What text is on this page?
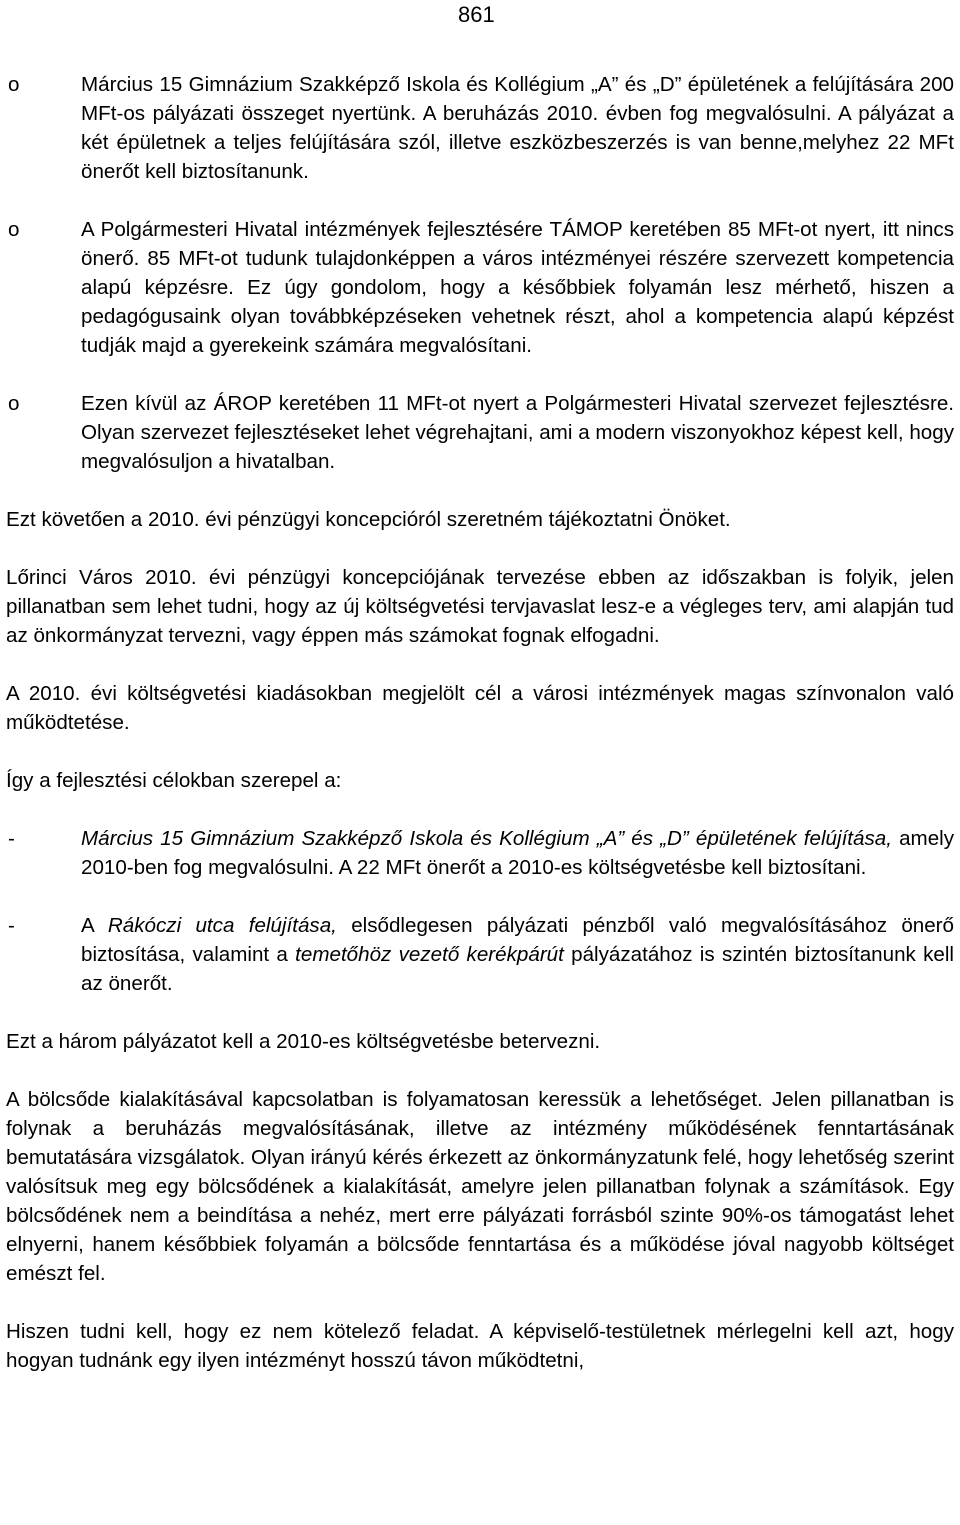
861
o	Március 15 Gimnázium Szakképző Iskola és Kollégium „A” és „D” épületének a felújítására 200 MFt-os pályázati összeget nyertünk. A beruházás 2010. évben fog megvalósulni. A pályázat a két épületnek a teljes felújítására szól, illetve eszközbeszerzés is van benne,melyhez 22 MFt önerőt kell biztosítanunk.
o	A Polgármesteri Hivatal intézmények fejlesztésére TÁMOP keretében 85 MFt-ot nyert, itt nincs önerő. 85 MFt-ot tudunk tulajdonképpen a város intézményei részére szervezett kompetencia alapú képzésre. Ez úgy gondolom, hogy a későbbiek folyamán lesz mérhető, hiszen a pedagógusaink olyan továbbképzéseken vehetnek részt, ahol a kompetencia alapú képzést tudják majd a gyerekeink számára megvalósítani.
o	Ezen kívül az ÁROP keretében 11 MFt-ot nyert a Polgármesteri Hivatal szervezet fejlesztésre. Olyan szervezet fejlesztéseket lehet végrehajtani, ami a modern viszonyokhoz képest kell, hogy megvalósuljon a hivatalban.

Ezt követően a 2010. évi pénzügyi koncepcióról szeretném tájékoztatni Önöket.

Lőrinci Város 2010. évi pénzügyi koncepciójának tervezése ebben az időszakban is folyik, jelen pillanatban sem lehet tudni, hogy az új költségvetési tervjavaslat lesz-e a végleges terv, ami alapján tud az önkormányzat tervezni, vagy éppen más számokat fognak elfogadni.

A 2010. évi költségvetési kiadásokban megjelölt cél a városi intézmények magas színvonalon való működtetése.

Így a fejlesztési célokban szerepel a:

-	Március 15 Gimnázium Szakképző Iskola és Kollégium „A” és „D” épületének felújítása, amely 2010-ben fog megvalósulni. A 22 MFt önerőt a 2010-es költségvetésbe kell biztosítani.
-	A Rákóczi utca felújítása, elsődlegesen pályázati pénzből való megvalósításához önerő biztosítása, valamint a temetőhöz vezető kerékpárút pályázatához is szintén biztosítanunk kell az önerőt.

Ezt a három pályázatot kell a 2010-es költségvetésbe betervezni.

A bölcsőde kialakításával kapcsolatban is folyamatosan keressük a lehetőséget. Jelen pillanatban is folynak a beruházás megvalósításának, illetve az intézmény működésének fenntartásának bemutatására vizsgálatok. Olyan irányú kérés érkezett az önkormányzatunk felé, hogy lehetőség szerint valósítsuk meg egy bölcsődének a kialakítását, amelyre jelen pillanatban folynak a számítások. Egy bölcsődének nem a beindítása a nehéz, mert erre pályázati forrásból szinte 90%-os támogatást lehet elnyerni, hanem későbbiek folyamán a bölcsőde fenntartása és a működése jóval nagyobb költséget emészt fel.

Hiszen tudni kell, hogy ez nem kötelező feladat. A képviselő-testületnek mérlegelni kell azt, hogy hogyan tudnánk egy ilyen intézményt hosszú távon működtetni,
